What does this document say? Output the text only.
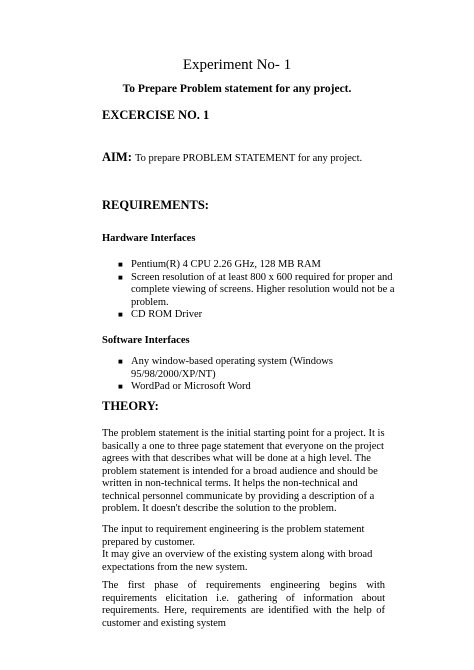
Experiment No- 1
To Prepare Problem statement for any project.
EXCERCISE NO. 1
AIM: To prepare PROBLEM STATEMENT for any project.
REQUIREMENTS:
Hardware Interfaces
■ Pentium(R) 4 CPU 2.26 GHz, 128 MB RAM
■ Screen resolution of at least 800 x 600 required for proper and complete viewing of screens. Higher resolution would not be a problem.
■ CD ROM Driver
Software Interfaces
■ Any window-based operating system (Windows 95/98/2000/XP/NT)
■ WordPad or Microsoft Word
THEORY:

The problem statement is the initial starting point for a project. It is basically a one to three page statement that everyone on the project agrees with that describes what will be done at a high level. The problem statement is intended for a broad audience and should be written in non-technical terms. It helps the non-technical and technical personnel communicate by providing a description of a problem. It doesn't describe the solution to the problem.

The input to requirement engineering is the problem statement prepared by customer.

It may give an overview of the existing system along with broad expectations from the new system.

The first phase of requirements engineering begins with requirements elicitation i.e. gathering of information about requirements. Here, requirements are identified with the help of customer and existing system
